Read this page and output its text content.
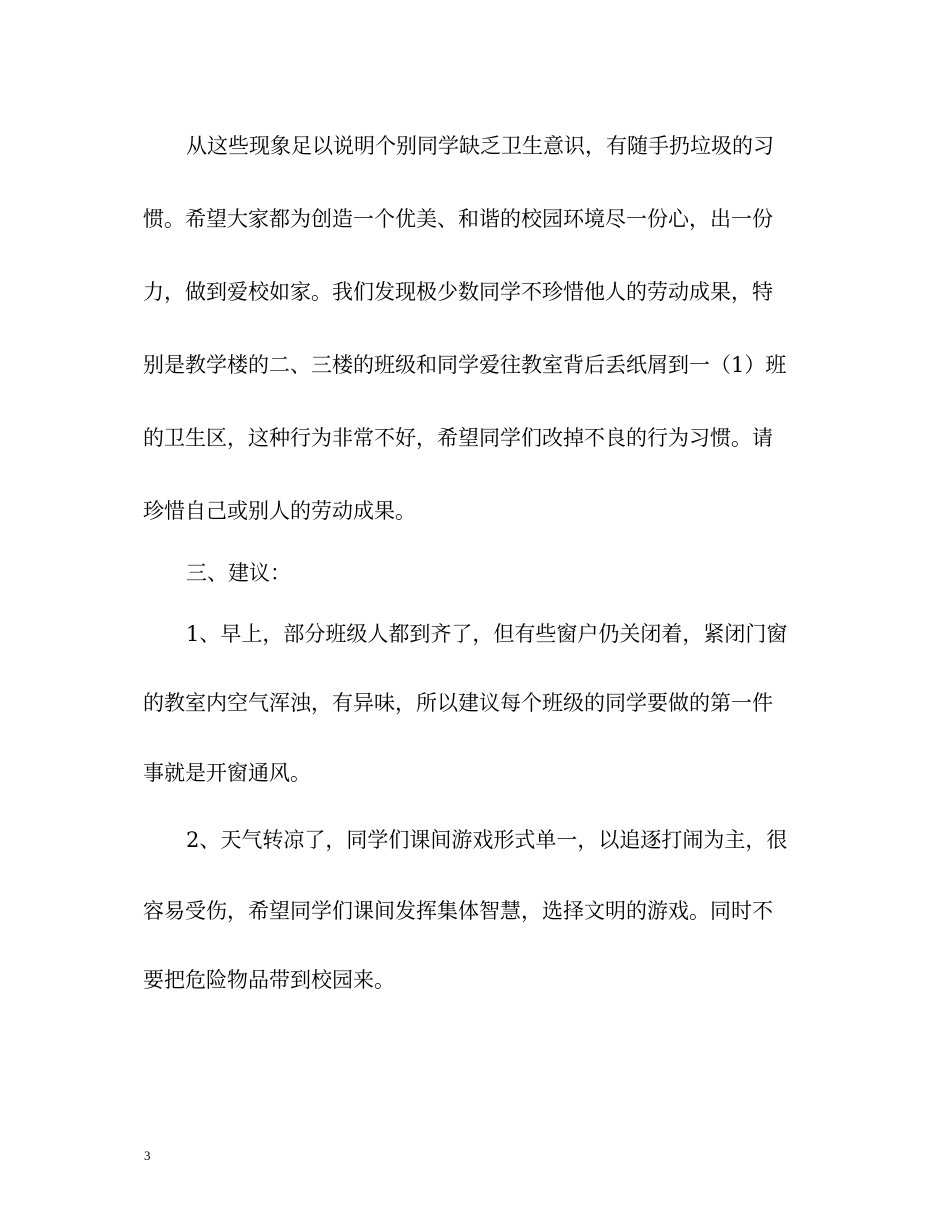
从这些现象足以说明个别同学缺乏卫生意识，有随手扔垃圾的习
惯。希望大家都为创造一个优美、和谐的校园环境尽一份心，出一份
力，做到爱校如家。我们发现极少数同学不珍惜他人的劳动成果，特
别是教学楼的二、三楼的班级和同学爱往教室背后丢纸屑到一（1）班
的卫生区，这种行为非常不好，希望同学们改掉不良的行为习惯。请
珍惜自己或别人的劳动成果。
三、建议：
1、早上，部分班级人都到齐了，但有些窗户仍关闭着，紧闭门窗
的教室内空气浑浊，有异味，所以建议每个班级的同学要做的第一件
事就是开窗通风。
2、天气转凉了，同学们课间游戏形式单一，以追逐打闹为主，很
容易受伤，希望同学们课间发挥集体智慧，选择文明的游戏。同时不
要把危险物品带到校园来。
3
